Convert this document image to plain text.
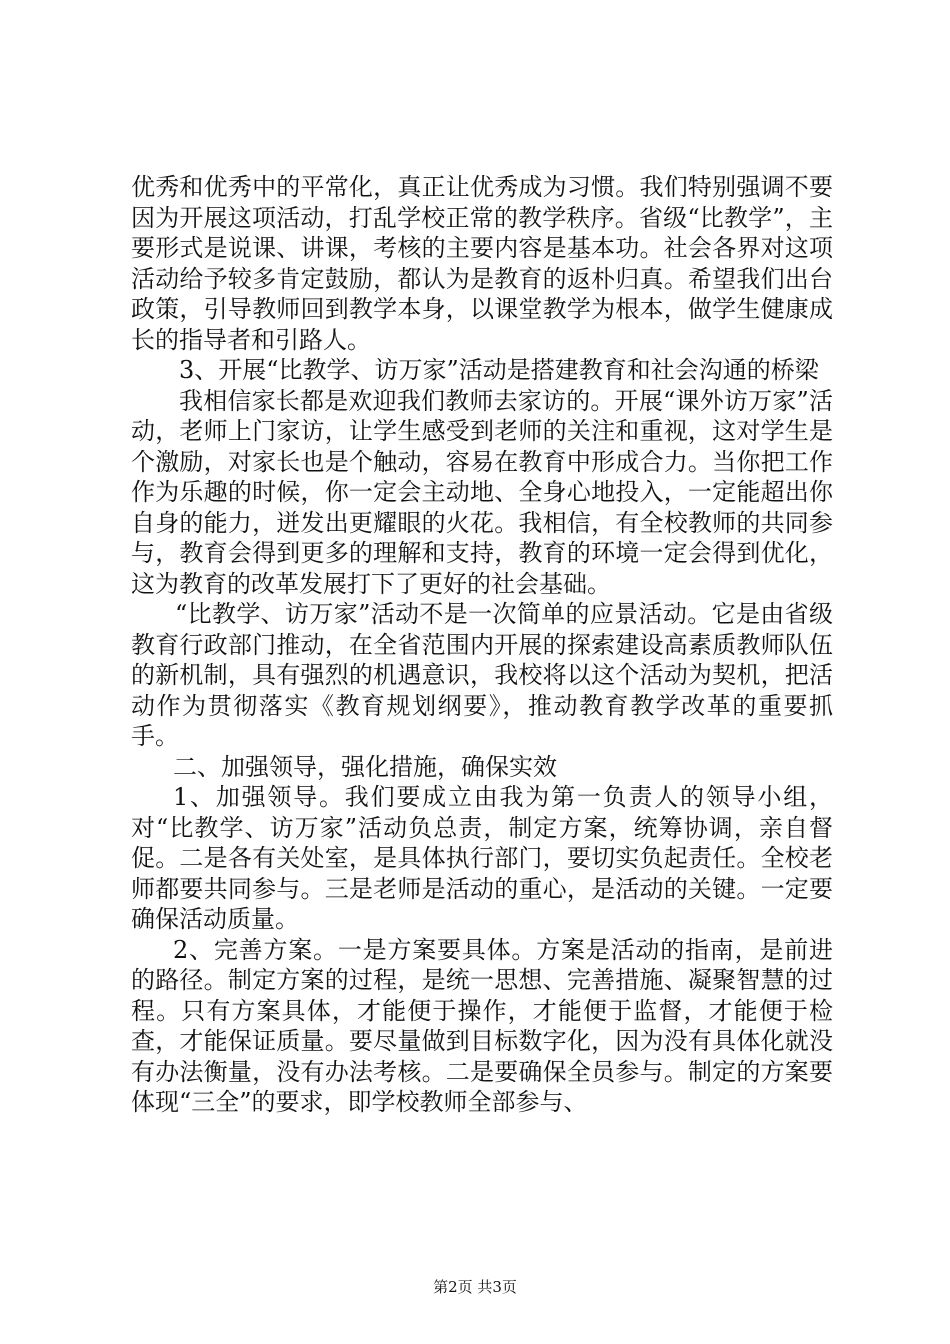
优秀和优秀中的平常化，真正让优秀成为习惯。我们特别强调不要因为开展这项活动，打乱学校正常的教学秩序。省级“比教学”，主要形式是说课、讲课，考核的主要内容是基本功。社会各界对这项活动给予较多肯定鼓励，都认为是教育的返朴归真。希望我们出台政策，引导教师回到教学本身，以课堂教学为根本，做学生健康成长的指导者和引路人。

3、开展“比教学、访万家”活动是搭建教育和社会沟通的桥梁

我相信家长都是欢迎我们教师去家访的。开展“课外访万家”活动，老师上门家访，让学生感受到老师的关注和重视，这对学生是个激励，对家长也是个触动，容易在教育中形成合力。当你把工作作为乐趣的时候，你一定会主动地、全身心地投入，一定能超出你自身的能力，迸发出更耀眼的火花。我相信，有全校教师的共同参与，教育会得到更多的理解和支持，教育的环境一定会得到优化，这为教育的改革发展打下了更好的社会基础。

“比教学、访万家”活动不是一次简单的应景活动。它是由省级教育行政部门推动，在全省范围内开展的探索建设高素质教师队伍的新机制，具有强烈的机遇意识，我校将以这个活动为契机，把活动作为贯彻落实《教育规划纲要》，推动教育教学改革的重要抓手。

二、加强领导，强化措施，确保实效

1、加强领导。我们要成立由我为第一负责人的领导小组，对“比教学、访万家”活动负总责，制定方案，统筹协调，亲自督促。二是各有关处室，是具体执行部门，要切实负起责任。全校老师都要共同参与。三是老师是活动的重心，是活动的关键。一定要确保活动质量。

2、完善方案。一是方案要具体。方案是活动的指南，是前进的路径。制定方案的过程，是统一思想、完善措施、凝聚智慧的过程。只有方案具体，才能便于操作，才能便于监督，才能便于检查，才能保证质量。要尽量做到目标数字化，因为没有具体化就没有办法衡量，没有办法考核。二是要确保全员参与。制定的方案要体现“三全”的要求，即学校教师全部参与、

第2页 共3页
